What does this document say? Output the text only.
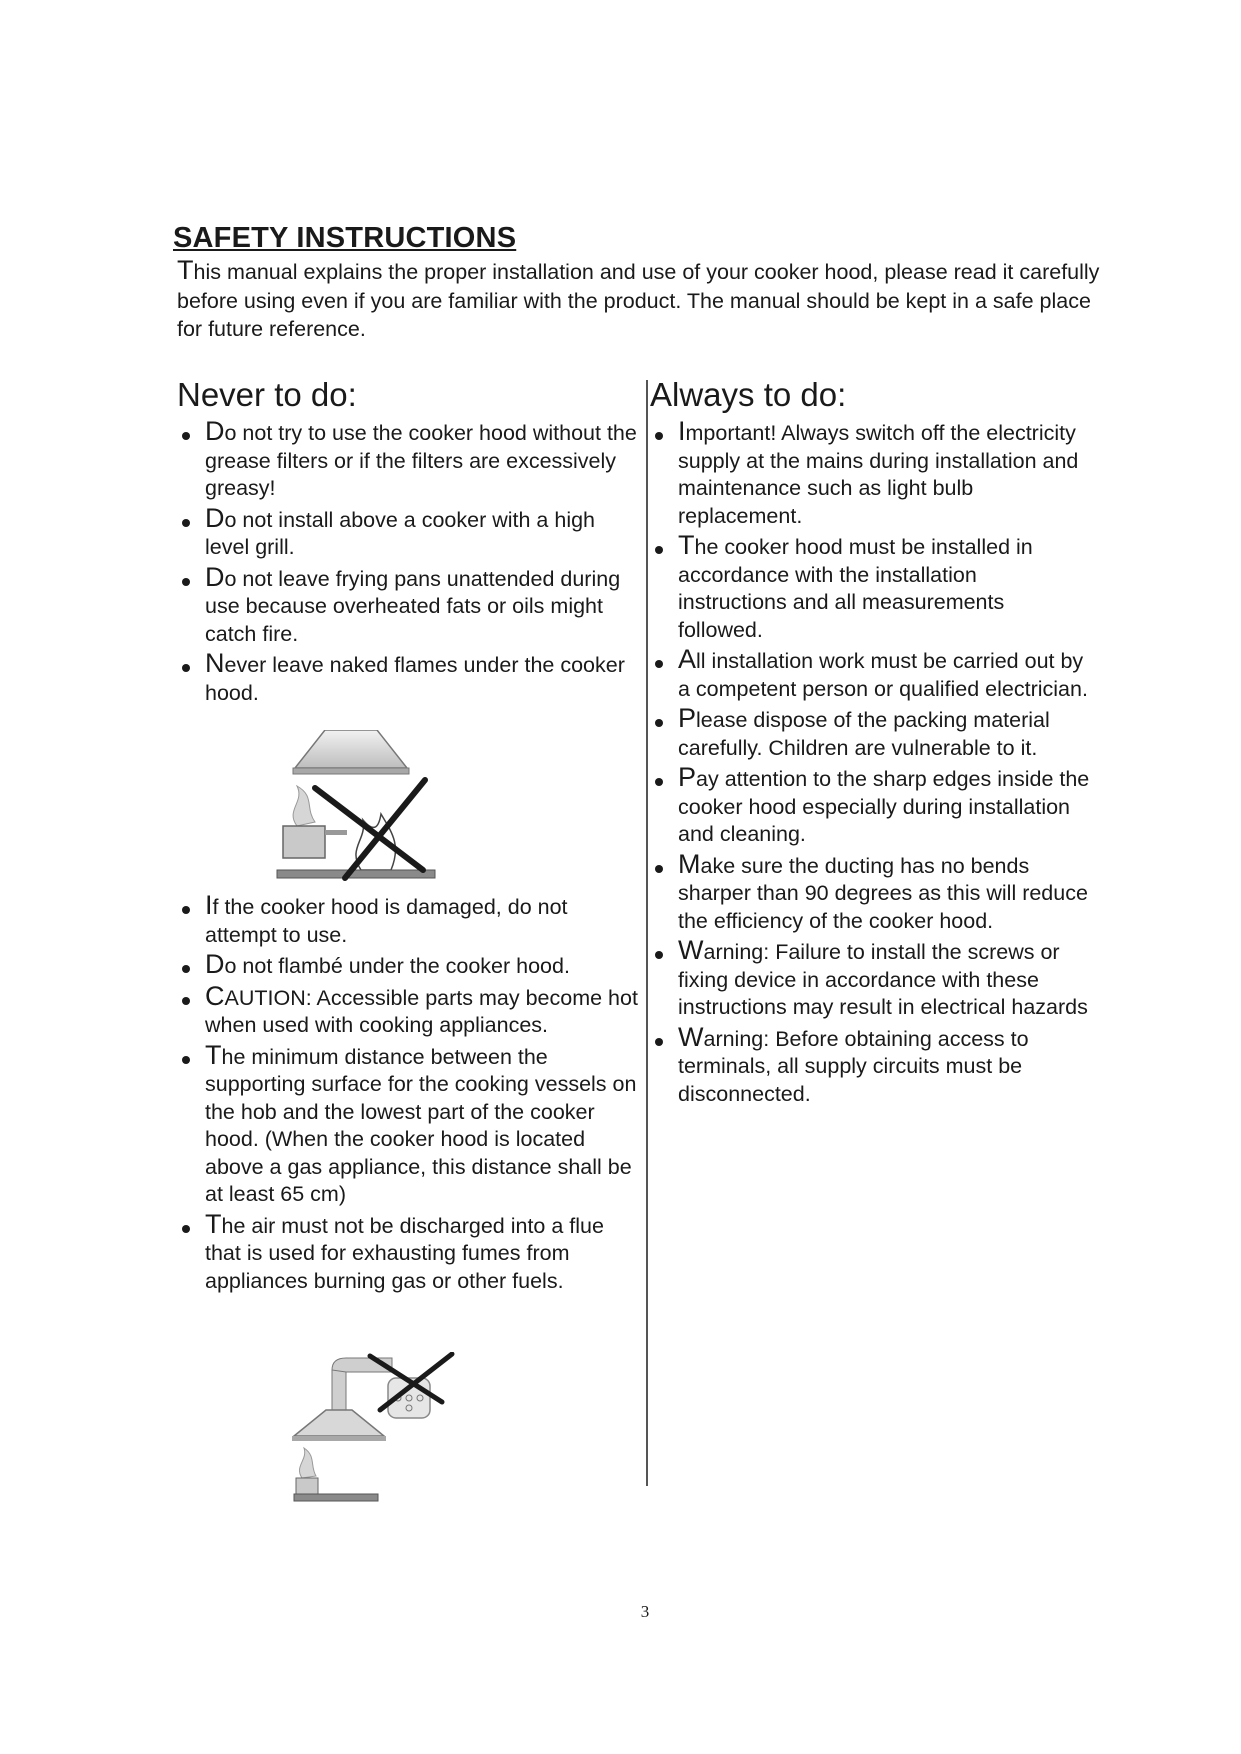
SAFETY INSTRUCTIONS
This manual explains the proper installation and use of your cooker hood, please read it carefully before using even if you are familiar with the product. The manual should be kept in a safe place for future reference.
Never to do:	Always to do:
Do not try to use the cooker hood without the grease filters or if the filters are excessively greasy!
Do not install above a cooker with a high level grill.
Do not leave frying pans unattended during use because overheated fats or oils might catch fire.
Never leave naked flames under the cooker hood.
If the cooker hood is damaged, do not attempt to use.
Do not flambé under the cooker hood.
CAUTION: Accessible parts may become hot when used with cooking appliances.
The minimum distance between the supporting surface for the cooking vessels on the hob and the lowest part of the cooker hood. (When the cooker hood is located above a gas appliance, this distance shall be at least 65 cm)
The air must not be discharged into a flue that is used for exhausting fumes from appliances burning gas or other fuels.
Important! Always switch off the electricity supply at the mains during installation and maintenance such as light bulb replacement.
The cooker hood must be installed in accordance with the installation instructions and all measurements followed.
All installation work must be carried out by a competent person or qualified electrician.
Please dispose of the packing material carefully. Children are vulnerable to it.
Pay attention to the sharp edges inside the cooker hood especially during installation and cleaning.
Make sure the ducting has no bends sharper than 90 degrees as this will reduce the efficiency of the cooker hood.
Warning: Failure to install the screws or fixing device in accordance with these instructions may result in electrical hazards
Warning: Before obtaining access to terminals, all supply circuits must be disconnected.
3
